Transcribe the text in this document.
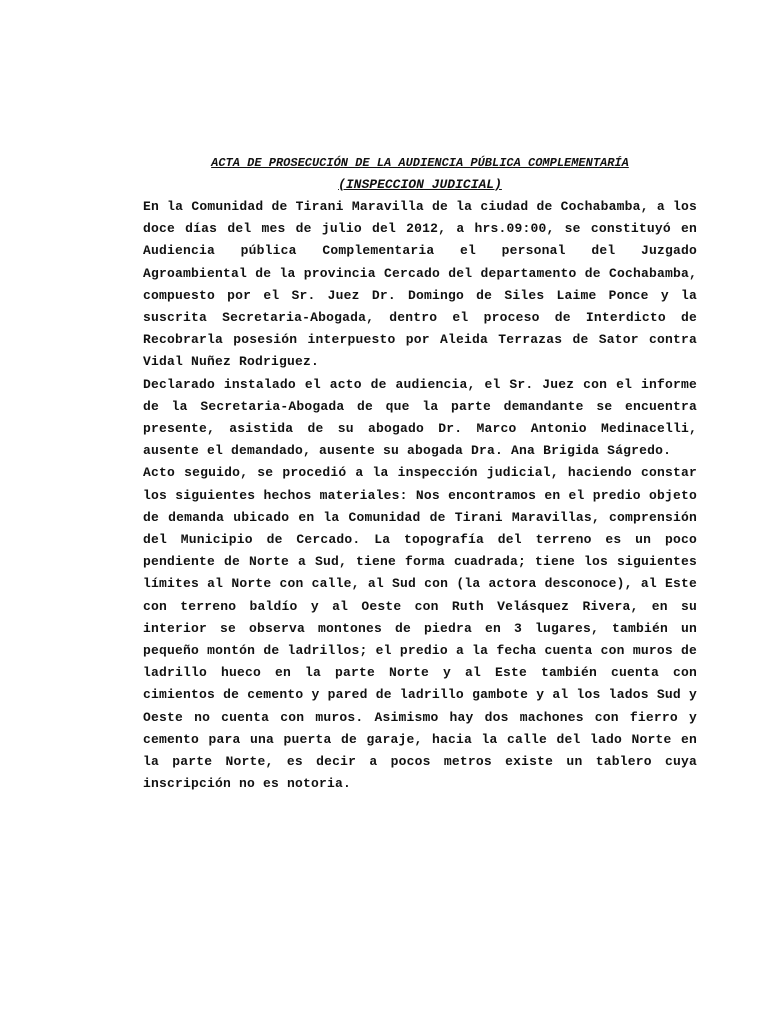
ACTA DE PROSECUCIÓN DE LA AUDIENCIA PÚBLICA COMPLEMENTARÍA

(INSPECCION JUDICIAL)

En la Comunidad de Tirani Maravilla de la ciudad de Cochabamba, a los doce días del mes de julio del 2012, a hrs.09:00, se constituyó en Audiencia pública Complementaria el personal del Juzgado Agroambiental de la provincia Cercado del departamento de Cochabamba, compuesto por el Sr. Juez Dr. Domingo de Siles Laime Ponce y la suscrita Secretaria-Abogada, dentro el proceso de Interdicto de Recobrarla posesión interpuesto por Aleida Terrazas de Sator contra Vidal Nuñez Rodriguez.

Declarado instalado el acto de audiencia, el Sr. Juez con el informe de la Secretaria-Abogada de que la parte demandante se encuentra presente, asistida de su abogado Dr. Marco Antonio Medinacelli, ausente el demandado, ausente su abogada Dra. Ana Brigida Ságredo.

Acto seguido, se procedió a la inspección judicial, haciendo constar los siguientes hechos materiales: Nos encontramos en el predio objeto de demanda ubicado en la Comunidad de Tirani Maravillas, comprensión del Municipio de Cercado. La topografía del terreno es un poco pendiente de Norte a Sud, tiene forma cuadrada; tiene los siguientes límites al Norte con calle, al Sud con (la actora desconoce), al Este con terreno baldío y al Oeste con Ruth Velásquez Rivera, en su interior se observa montones de piedra en 3 lugares, también un pequeño montón de ladrillos; el predio a la fecha cuenta con muros de ladrillo hueco en la parte Norte y al Este también cuenta con cimientos de cemento y pared de ladrillo gambote y al los lados Sud y Oeste no cuenta con muros. Asimismo hay dos machones con fierro y cemento para una puerta de garaje, hacia la calle del lado Norte en la parte Norte, es decir a pocos metros existe un tablero cuya inscripción no es notoria.
